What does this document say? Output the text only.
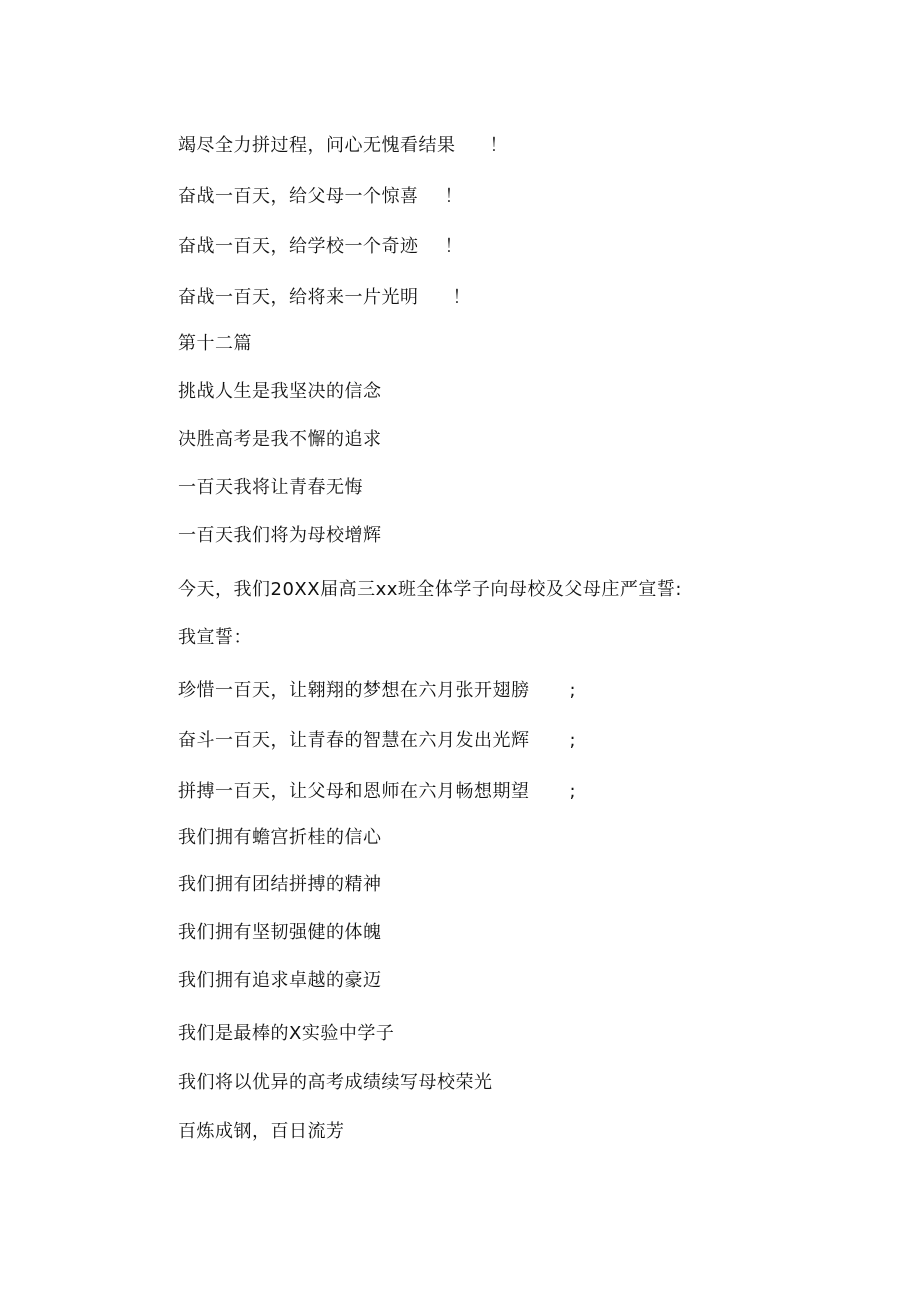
竭尽全力拼过程，问心无愧看结果 ！
奋战一百天，给父母一个惊喜 ！
奋战一百天，给学校一个奇迹 ！
奋战一百天，给将来一片光明 ！
第十二篇
挑战人生是我坚决的信念
决胜高考是我不懈的追求
一百天我将让青春无悔
一百天我们将为母校增辉
今天，我们20XX届高三xx班全体学子向母校及父母庄严宣誓:
我宣誓：
珍惜一百天，让翱翔的梦想在六月张开翅膀 ;
奋斗一百天，让青春的智慧在六月发出光辉 ;
拼搏一百天，让父母和恩师在六月畅想期望 ;
我们拥有蟾宫折桂的信心
我们拥有团结拼搏的精神
我们拥有坚韧强健的体魄
我们拥有追求卓越的豪迈
我们是最棒的X实验中学子
我们将以优异的高考成绩续写母校荣光
百炼成钢，百日流芳
